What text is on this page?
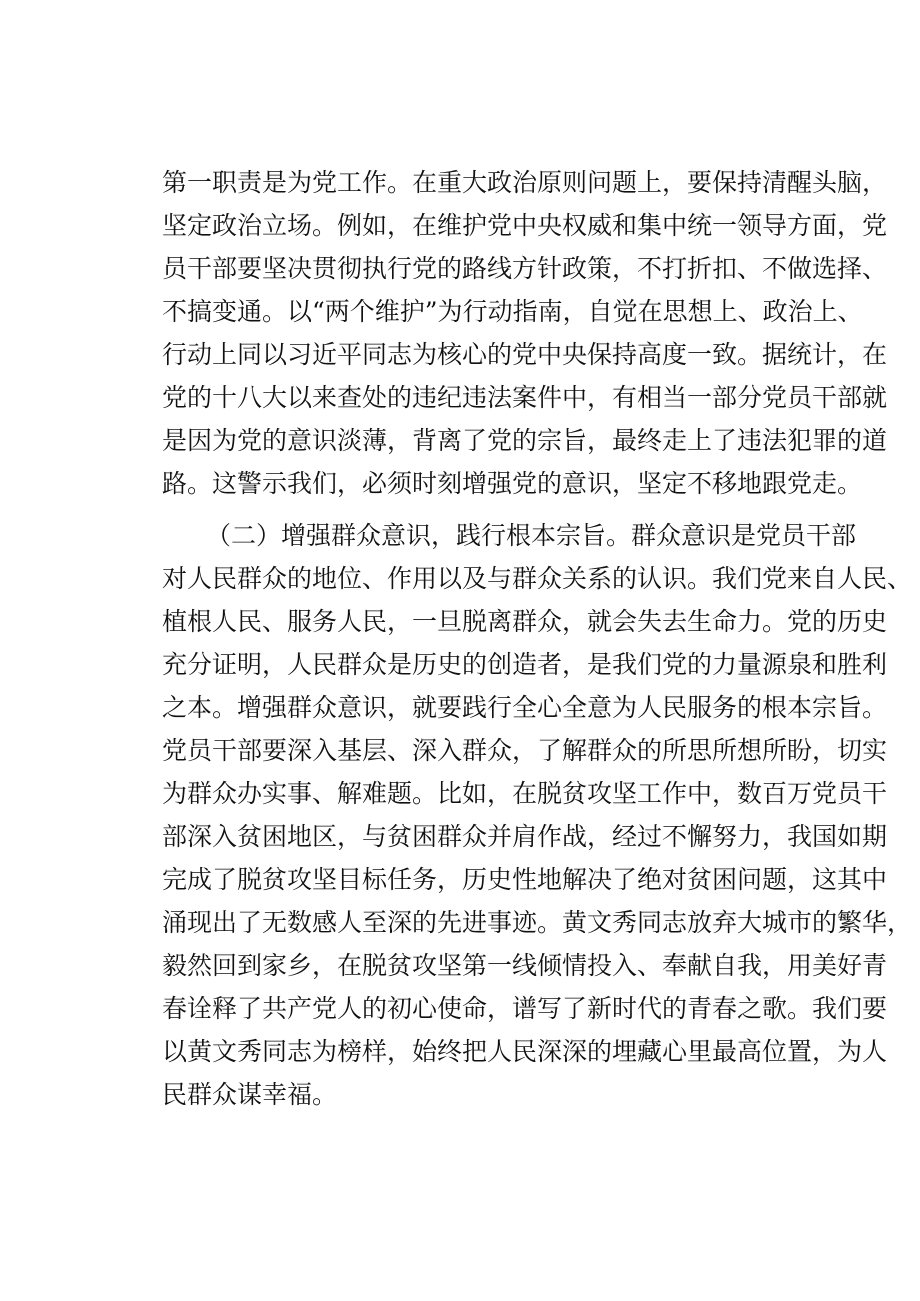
第一职责是为党工作。在重大政治原则问题上，要保持清醒头脑，
坚定政治立场。例如，在维护党中央权威和集中统一领导方面，党
员干部要坚决贯彻执行党的路线方针政策，不打折扣、不做选择、
不搞变通。以“两个维护”为行动指南，自觉在思想上、政治上、
行动上同以习近平同志为核心的党中央保持高度一致。据统计，在
党的十八大以来查处的违纪违法案件中，有相当一部分党员干部就
是因为党的意识淡薄，背离了党的宗旨，最终走上了违法犯罪的道
路。这警示我们，必须时刻增强党的意识，坚定不移地跟党走。
（二）增强群众意识，践行根本宗旨。群众意识是党员干部
对人民群众的地位、作用以及与群众关系的认识。我们党来自人民、
植根人民、服务人民，一旦脱离群众，就会失去生命力。党的历史
充分证明，人民群众是历史的创造者，是我们党的力量源泉和胜利
之本。增强群众意识，就要践行全心全意为人民服务的根本宗旨。
党员干部要深入基层、深入群众，了解群众的所思所想所盼，切实
为群众办实事、解难题。比如，在脱贫攻坚工作中，数百万党员干
部深入贫困地区，与贫困群众并肩作战，经过不懈努力，我国如期
完成了脱贫攻坚目标任务，历史性地解决了绝对贫困问题，这其中
涌现出了无数感人至深的先进事迹。黄文秀同志放弃大城市的繁华，
毅然回到家乡，在脱贫攻坚第一线倾情投入、奉献自我，用美好青
春诠释了共产党人的初心使命，谱写了新时代的青春之歌。我们要
以黄文秀同志为榜样，始终把人民深深的埋藏心里最高位置，为人
民群众谋幸福。
